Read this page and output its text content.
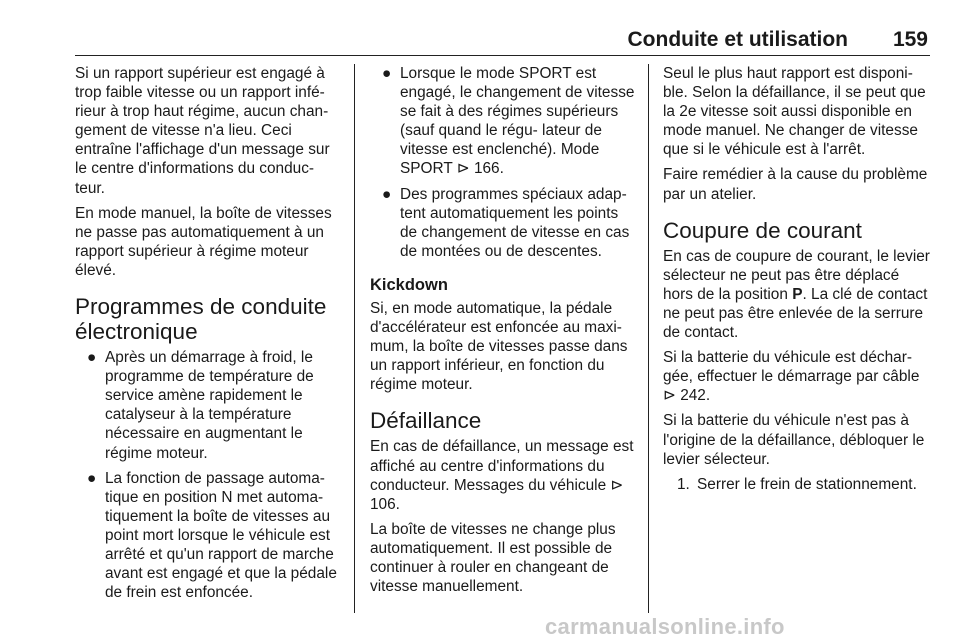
Conduite et utilisation 159

Si un rapport supérieur est engagé à trop faible vitesse ou un rapport infé- rieur à trop haut régime, aucun chan- gement de vitesse n'a lieu. Ceci entraîne l'affichage d'un message sur le centre d'informations du conduc- teur.

En mode manuel, la boîte de vitesses ne passe pas automatiquement à un rapport supérieur à régime moteur élevé.

Programmes de conduite électronique
● Après un démarrage à froid, le programme de température de service amène rapidement le catalyseur à la température nécessaire en augmentant le régime moteur.
● La fonction de passage automa- tique en position N met automa- tiquement la boîte de vitesses au point mort lorsque le véhicule est arrêté et qu'un rapport de marche avant est engagé et que la pédale de frein est enfoncée.
● Lorsque le mode SPORT est engagé, le changement de vitesse se fait à des régimes supérieurs (sauf quand le régu- lateur de vitesse est enclenché). Mode SPORT ⊳ 166.
● Des programmes spéciaux adap- tent automatiquement les points de changement de vitesse en cas de montées ou de descentes.
Kickdown

Si, en mode automatique, la pédale d'accélérateur est enfoncée au maxi- mum, la boîte de vitesses passe dans un rapport inférieur, en fonction du régime moteur.

Défaillance

En cas de défaillance, un message est affiché au centre d'informations du conducteur. Messages du véhicule ⊳ 106.

La boîte de vitesses ne change plus automatiquement. Il est possible de continuer à rouler en changeant de vitesse manuellement.

Seul le plus haut rapport est disponi- ble. Selon la défaillance, il se peut que la 2e vitesse soit aussi disponible en mode manuel. Ne changer de vitesse que si le véhicule est à l'arrêt.

Faire remédier à la cause du problème par un atelier.

Coupure de courant

En cas de coupure de courant, le levier sélecteur ne peut pas être déplacé hors de la position P. La clé de contact ne peut pas être enlevée de la serrure de contact.

Si la batterie du véhicule est déchar- gée, effectuer le démarrage par câble ⊳ 242.

Si la batterie du véhicule n'est pas à l'origine de la défaillance, débloquer le levier sélecteur.

1. Serrer le frein de stationnement.
carmanualsonline.info
